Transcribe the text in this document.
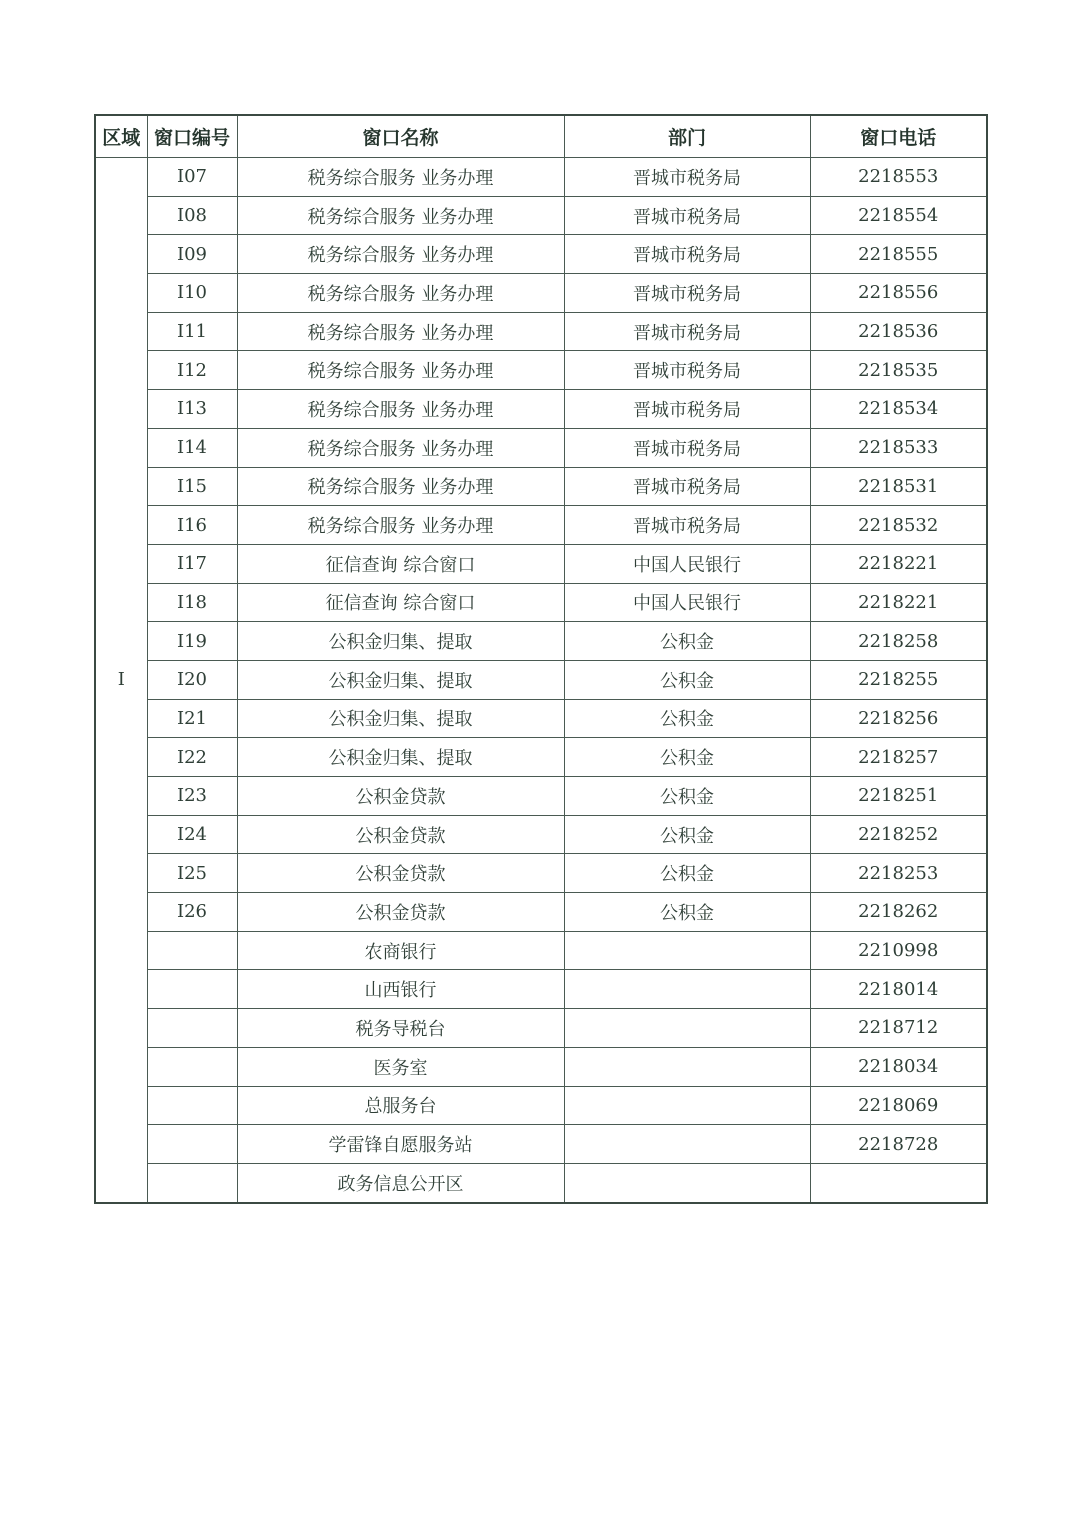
区域	窗口编号	窗口名称	部门	窗口电话
I	I07	税务综合服务 业务办理	晋城市税务局	2218553
	I08	税务综合服务 业务办理	晋城市税务局	2218554
	I09	税务综合服务 业务办理	晋城市税务局	2218555
	I10	税务综合服务 业务办理	晋城市税务局	2218556
	I11	税务综合服务 业务办理	晋城市税务局	2218536
	I12	税务综合服务 业务办理	晋城市税务局	2218535
	I13	税务综合服务 业务办理	晋城市税务局	2218534
	I14	税务综合服务 业务办理	晋城市税务局	2218533
	I15	税务综合服务 业务办理	晋城市税务局	2218531
	I16	税务综合服务 业务办理	晋城市税务局	2218532
	I17	征信查询 综合窗口	中国人民银行	2218221
	I18	征信查询 综合窗口	中国人民银行	2218221
	I19	公积金归集、提取	公积金	2218258
	I20	公积金归集、提取	公积金	2218255
	I21	公积金归集、提取	公积金	2218256
	I22	公积金归集、提取	公积金	2218257
	I23	公积金贷款	公积金	2218251
	I24	公积金贷款	公积金	2218252
	I25	公积金贷款	公积金	2218253
	I26	公积金贷款	公积金	2218262
		农商银行		2210998
		山西银行		2218014
		税务导税台		2218712
		医务室		2218034
		总服务台		2218069
		学雷锋自愿服务站		2218728
		政务信息公开区		
